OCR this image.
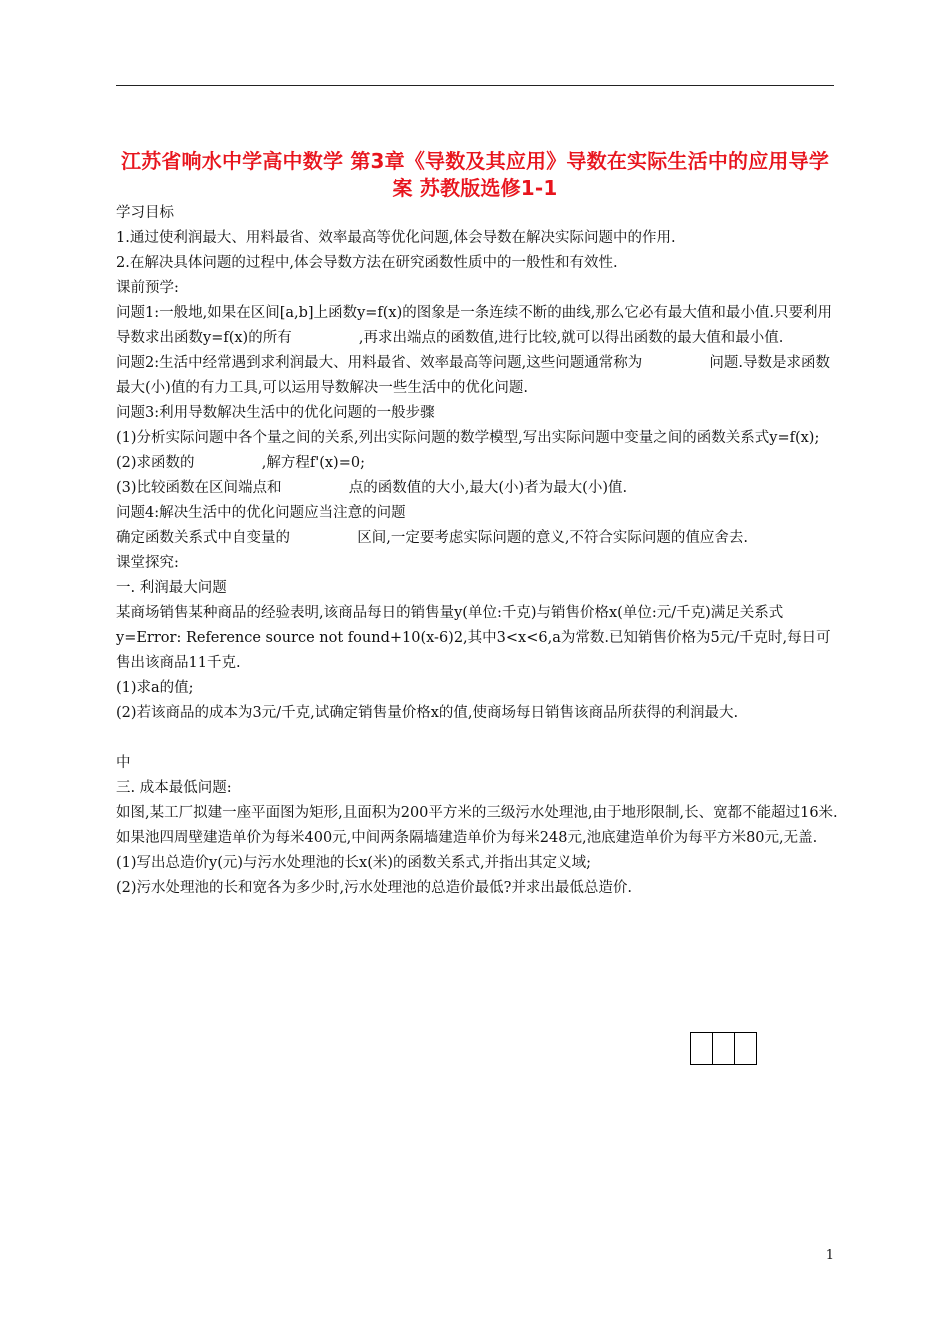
江苏省响水中学高中数学 第3章《导数及其应用》导数在实际生活中的应用导学案 苏教版选修1-1

学习目标

1.通过使利润最大、用料最省、效率最高等优化问题,体会导数在解决实际问题中的作用.

2.在解决具体问题的过程中,体会导数方法在研究函数性质中的一般性和有效性.

课前预学:

问题1:一般地,如果在区间[a,b]上函数y=f(x)的图象是一条连续不断的曲线,那么它必有最大值和最小值.只要利用导数求出函数y=f(x)的所有 　　　　 ,再求出端点的函数值,进行比较,就可以得出函数的最大值和最小值.

问题2:生活中经常遇到求利润最大、用料最省、效率最高等问题,这些问题通常称为 　　　　 问题.导数是求函数最大(小)值的有力工具,可以运用导数解决一些生活中的优化问题.

问题3:利用导数解决生活中的优化问题的一般步骤

(1)分析实际问题中各个量之间的关系,列出实际问题的数学模型,写出实际问题中变量之间的函数关系式y=f(x);

(2)求函数的 　　　　 ,解方程f'(x)=0;

(3)比较函数在区间端点和 　　　　 点的函数值的大小,最大(小)者为最大(小)值.

问题4:解决生活中的优化问题应当注意的问题

确定函数关系式中自变量的 　　　　 区间,一定要考虑实际问题的意义,不符合实际问题的值应舍去.

课堂探究:

一. 利润最大问题

某商场销售某种商品的经验表明,该商品每日的销售量y(单位:千克)与销售价格x(单位:元/千克)满足关系式y=Error: Reference source not found+10(x-6)2,其中3<x<6,a为常数.已知销售价格为5元/千克时,每日可售出该商品11千克.

(1)求a的值;

(2)若该商品的成本为3元/千克,试确定销售量价格x的值,使商场每日销售该商品所获得的利润最大.

中

三. 成本最低问题:

如图,某工厂拟建一座平面图为矩形,且面积为200平方米的三级污水处理池,由于地形限制,长、宽都不能超过16米.如果池四周壁建造单价为每米400元,中间两条隔墙建造单价为每米248元,池底建造单价为每平方米80元,无盖.

(1)写出总造价y(元)与污水处理池的长x(米)的函数关系式,并指出其定义域;

(2)污水处理池的长和宽各为多少时,污水处理池的总造价最低?并求出最低总造价.

1
